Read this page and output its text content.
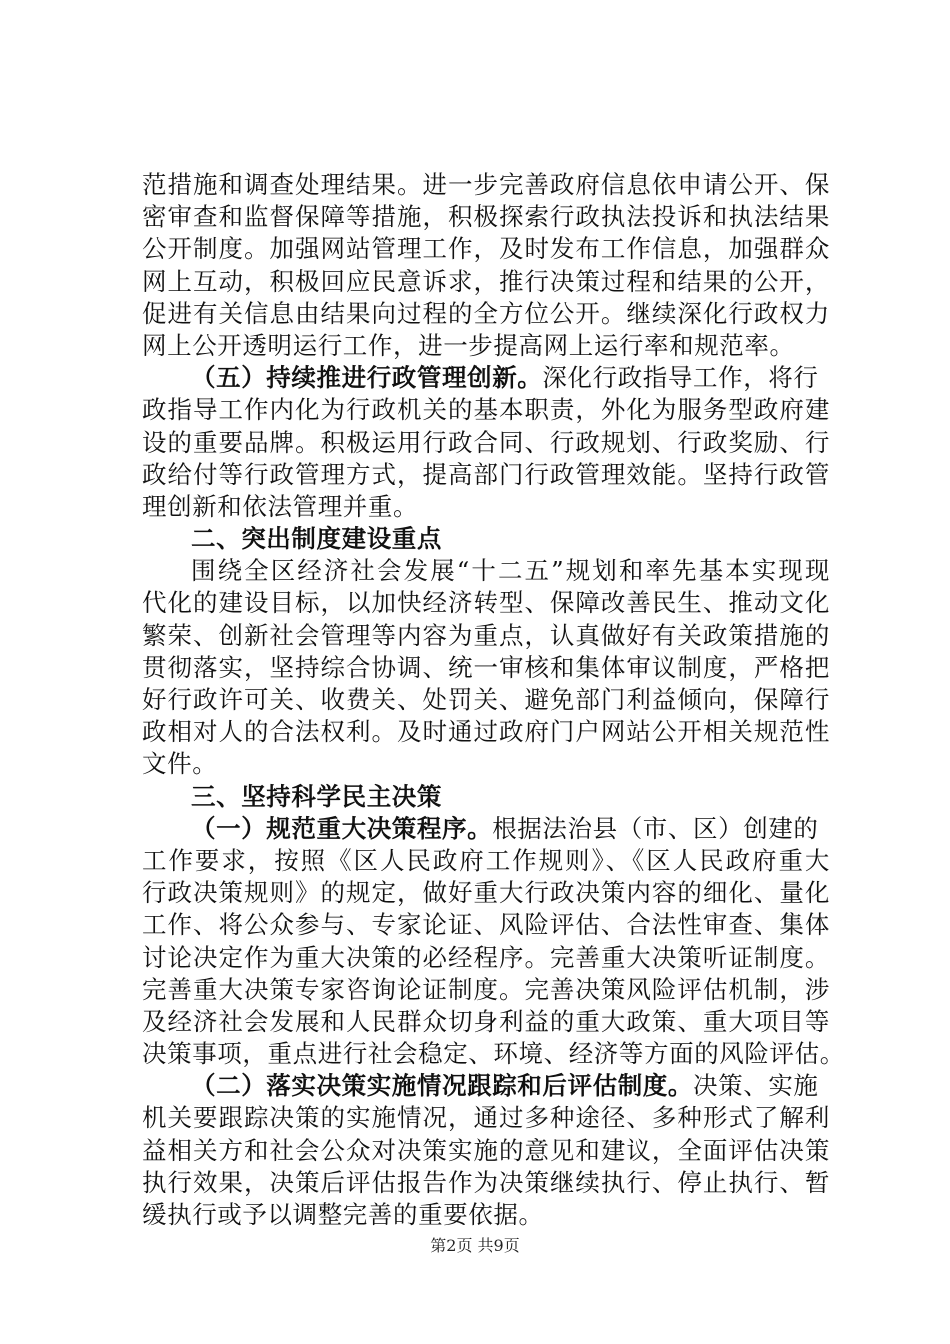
范措施和调查处理结果。进一步完善政府信息依申请公开、保
密审查和监督保障等措施，积极探索行政执法投诉和执法结果
公开制度。加强网站管理工作，及时发布工作信息，加强群众
网上互动，积极回应民意诉求，推行决策过程和结果的公开，
促进有关信息由结果向过程的全方位公开。继续深化行政权力
网上公开透明运行工作，进一步提高网上运行率和规范率。
（五）持续推进行政管理创新。深化行政指导工作，将行
政指导工作内化为行政机关的基本职责，外化为服务型政府建
设的重要品牌。积极运用行政合同、行政规划、行政奖励、行
政给付等行政管理方式，提高部门行政管理效能。坚持行政管
理创新和依法管理并重。
二、突出制度建设重点
围绕全区经济社会发展“十二五”规划和率先基本实现现
代化的建设目标，以加快经济转型、保障改善民生、推动文化
繁荣、创新社会管理等内容为重点，认真做好有关政策措施的
贯彻落实，坚持综合协调、统一审核和集体审议制度，严格把
好行政许可关、收费关、处罚关、避免部门利益倾向，保障行
政相对人的合法权利。及时通过政府门户网站公开相关规范性
文件。
三、坚持科学民主决策
（一）规范重大决策程序。根据法治县（市、区）创建的
工作要求，按照《区人民政府工作规则》、《区人民政府重大
行政决策规则》的规定，做好重大行政决策内容的细化、量化
工作、将公众参与、专家论证、风险评估、合法性审查、集体
讨论决定作为重大决策的必经程序。完善重大决策听证制度。
完善重大决策专家咨询论证制度。完善决策风险评估机制，涉
及经济社会发展和人民群众切身利益的重大政策、重大项目等
决策事项，重点进行社会稳定、环境、经济等方面的风险评估。
（二）落实决策实施情况跟踪和后评估制度。决策、实施
机关要跟踪决策的实施情况，通过多种途径、多种形式了解利
益相关方和社会公众对决策实施的意见和建议，全面评估决策
执行效果，决策后评估报告作为决策继续执行、停止执行、暂
缓执行或予以调整完善的重要依据。
第2页 共9页
